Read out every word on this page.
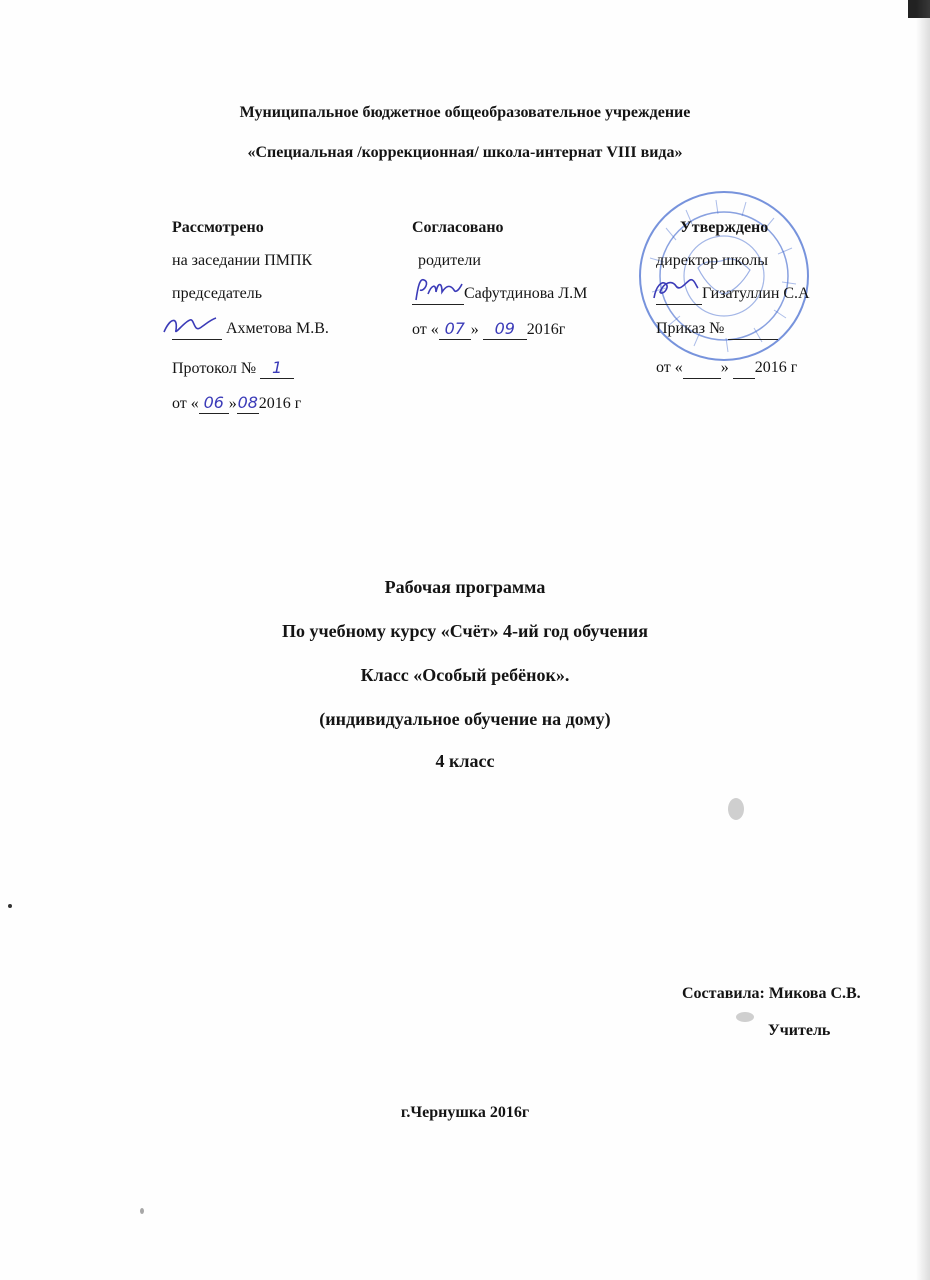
Муниципальное бюджетное общеобразовательное учреждение
«Специальная /коррекционная/ школа-интернат VIII вида»
Рассмотрено
на заседании ПМПК
председатель
Ахметова М.В.
Протокол № 1
от « 06 »082016 г
Согласовано
родители
Сафутдинова Л.М
от « 07 » 09 2016г
Утверждено
директор школы
Гизатуллин С.А
Приказ №
от « » 2016 г
Рабочая программа
По учебному курсу «Счёт» 4-ий год обучения
Класс «Особый ребёнок».
(индивидуальное обучение на дому)
4 класс
Составила: Микова С.В.
Учитель
г.Чернушка 2016г
